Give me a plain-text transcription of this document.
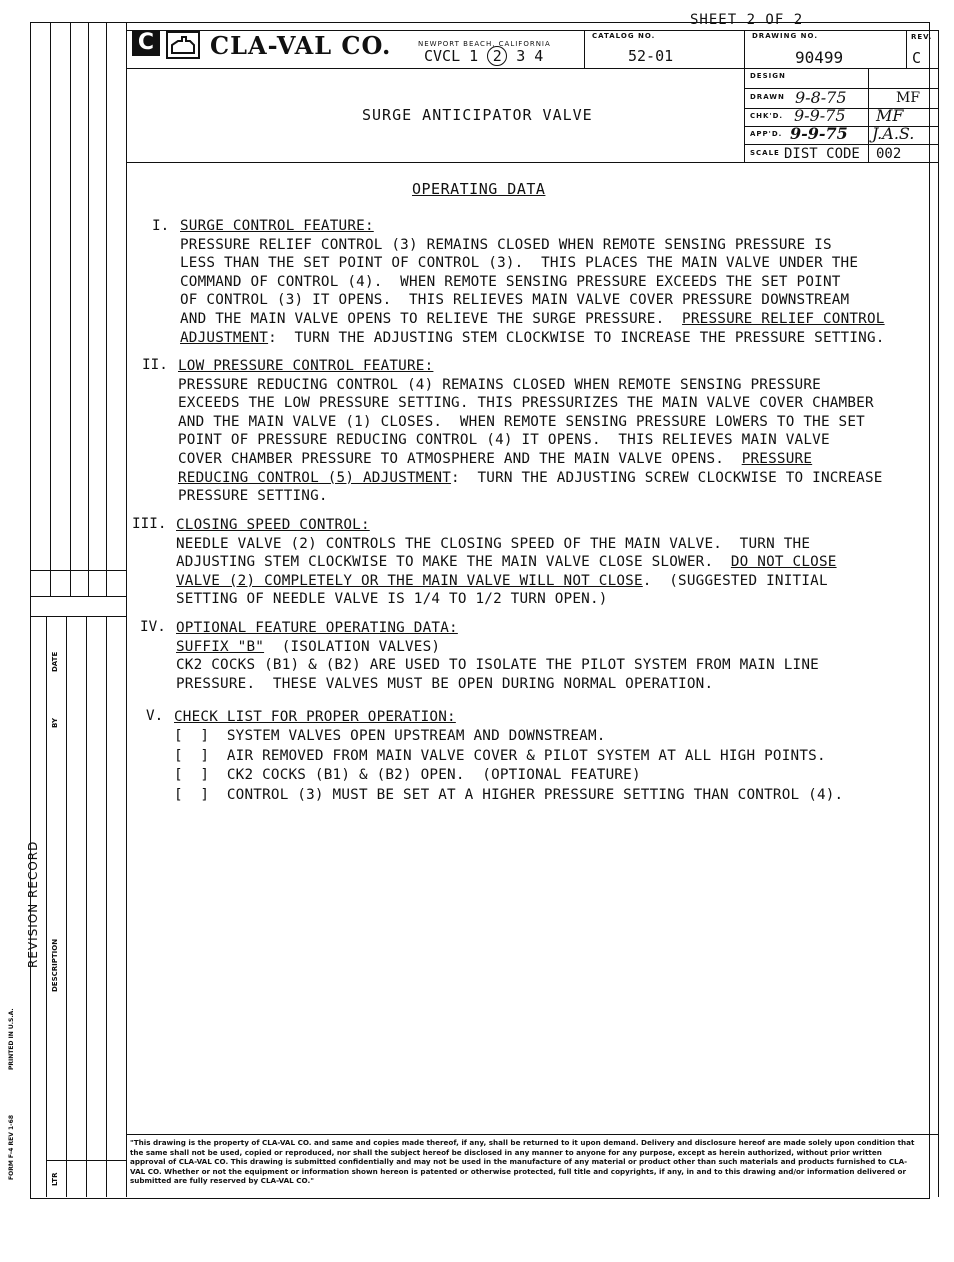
SHEET 2 OF 2
REVISION RECORD
DATE
BY
DESCRIPTION
LTR
PRINTED IN U.S.A.
FORM F-4 REV 1-68
C CLA-VAL CO.	NEWPORT BEACH, CALIFORNIA
CVCL 1 2 3 4
CATALOG NO.
52-01
DRAWING NO.
90499
REV.
C
SURGE ANTICIPATOR VALVE
DESIGN
DRAWN 9-8-75	MF
CHK'D. 9-9-75 MF
APP'D. 9-9-75 J.A.S.
SCALE DIST CODE 002
OPERATING DATA
I. SURGE CONTROL FEATURE:
PRESSURE RELIEF CONTROL (3) REMAINS CLOSED WHEN REMOTE SENSING PRESSURE IS
LESS THAN THE SET POINT OF CONTROL (3).  THIS PLACES THE MAIN VALVE UNDER THE
COMMAND OF CONTROL (4).  WHEN REMOTE SENSING PRESSURE EXCEEDS THE SET POINT
OF CONTROL (3) IT OPENS.  THIS RELIEVES MAIN VALVE COVER PRESSURE DOWNSTREAM
AND THE MAIN VALVE OPENS TO RELIEVE THE SURGE PRESSURE.  PRESSURE RELIEF CONTROL
ADJUSTMENT:  TURN THE ADJUSTING STEM CLOCKWISE TO INCREASE THE PRESSURE SETTING.
II. LOW PRESSURE CONTROL FEATURE:
PRESSURE REDUCING CONTROL (4) REMAINS CLOSED WHEN REMOTE SENSING PRESSURE
EXCEEDS THE LOW PRESSURE SETTING. THIS PRESSURIZES THE MAIN VALVE COVER CHAMBER
AND THE MAIN VALVE (1) CLOSES.  WHEN REMOTE SENSING PRESSURE LOWERS TO THE SET
POINT OF PRESSURE REDUCING CONTROL (4) IT OPENS.  THIS RELIEVES MAIN VALVE
COVER CHAMBER PRESSURE TO ATMOSPHERE AND THE MAIN VALVE OPENS.  PRESSURE
REDUCING CONTROL (5) ADJUSTMENT:  TURN THE ADJUSTING SCREW CLOCKWISE TO INCREASE
PRESSURE SETTING.
III. CLOSING SPEED CONTROL:
NEEDLE VALVE (2) CONTROLS THE CLOSING SPEED OF THE MAIN VALVE.  TURN THE
ADJUSTING STEM CLOCKWISE TO MAKE THE MAIN VALVE CLOSE SLOWER.  DO NOT CLOSE
VALVE (2) COMPLETELY OR THE MAIN VALVE WILL NOT CLOSE.  (SUGGESTED INITIAL
SETTING OF NEEDLE VALVE IS 1/4 TO 1/2 TURN OPEN.)
IV. OPTIONAL FEATURE OPERATING DATA:
SUFFIX "B"  (ISOLATION VALVES)
CK2 COCKS (B1) & (B2) ARE USED TO ISOLATE THE PILOT SYSTEM FROM MAIN LINE
PRESSURE.  THESE VALVES MUST BE OPEN DURING NORMAL OPERATION.
V. CHECK LIST FOR PROPER OPERATION:
[  ]  SYSTEM VALVES OPEN UPSTREAM AND DOWNSTREAM.
[  ]  AIR REMOVED FROM MAIN VALVE COVER & PILOT SYSTEM AT ALL HIGH POINTS.
[  ]  CK2 COCKS (B1) & (B2) OPEN.  (OPTIONAL FEATURE)
[  ]  CONTROL (3) MUST BE SET AT A HIGHER PRESSURE SETTING THAN CONTROL (4).
"This drawing is the property of CLA-VAL CO. and same and copies made thereof, if any, shall be returned to it upon demand. Delivery and disclosure hereof are made solely upon condition that the same shall not be used, copied or reproduced, nor shall the subject hereof be disclosed in any manner to anyone for any purpose, except as herein authorized, without prior written approval of CLA-VAL CO. This drawing is submitted confidentially and may not be used in the manufacture of any material or product other than such materials and products furnished to CLA-VAL CO. Whether or not the equipment or information shown hereon is patented or otherwise protected, full title and copyrights, if any, in and to this drawing and/or information delivered or submitted are fully reserved by CLA-VAL CO."
